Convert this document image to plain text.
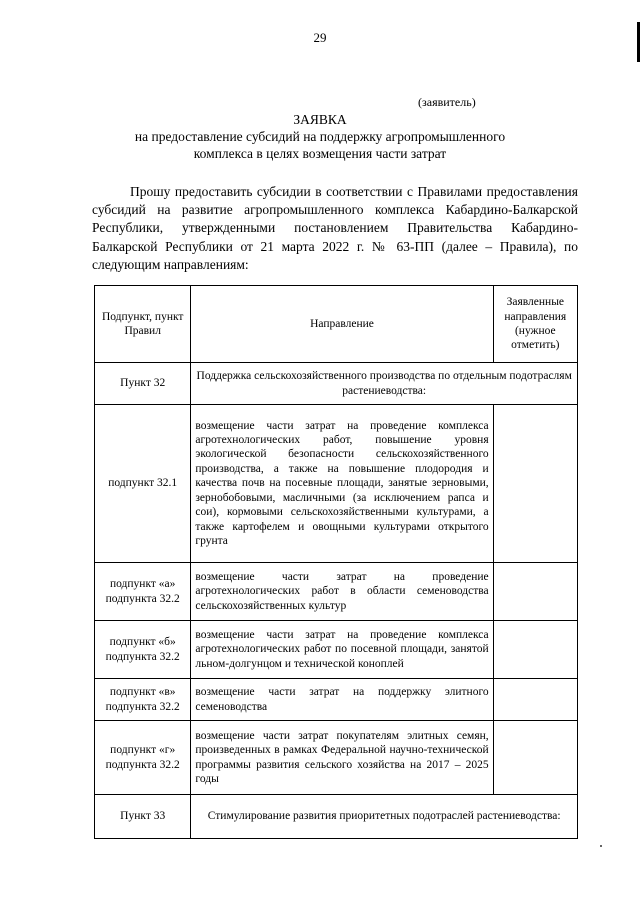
29
(заявитель)
ЗАЯВКА
на предоставление субсидий на поддержку агропромышленного
комплекса в целях возмещения части затрат

Прошу предоставить субсидии в соответствии с Правилами предоставления субсидий на развитие агропромышленного комплекса Кабардино-Балкарской Республики, утвержденными постановлением Правительства Кабардино-Балкарской Республики от 21 марта 2022 г. № 63-ПП (далее – Правила), по следующим направлениям:

Подпункт, пункт Правил	Направление	Заявленные направления (нужное отметить)
Пункт 32	Поддержка сельскохозяйственного производства по отдельным подотраслям растениеводства:	
подпункт 32.1	возмещение части затрат на проведение комплекса агротехнологических работ, повышение уровня экологической безопасности сельскохозяйственного производства, а также на повышение плодородия и качества почв на посевные площади, занятые зерновыми, зернобобовыми, масличными (за исключением рапса и сои), кормовыми сельскохозяйственными культурами, а также картофелем и овощными культурами открытого грунта	
подпункт «а» подпункта 32.2	возмещение части затрат на проведение агротехнологических работ в области семеноводства сельскохозяйственных культур	
подпункт «б» подпункта 32.2	возмещение части затрат на проведение комплекса агротехнологических работ по посевной площади, занятой льном-долгунцом и технической коноплей	
подпункт «в» подпункта 32.2	возмещение части затрат на поддержку элитного семеноводства	
подпункт «г» подпункта 32.2	возмещение части затрат покупателям элитных семян, произведенных в рамках Федеральной научно-технической программы развития сельского хозяйства на 2017 – 2025 годы	
Пункт 33	Стимулирование развития приоритетных подотраслей растениеводства:	
